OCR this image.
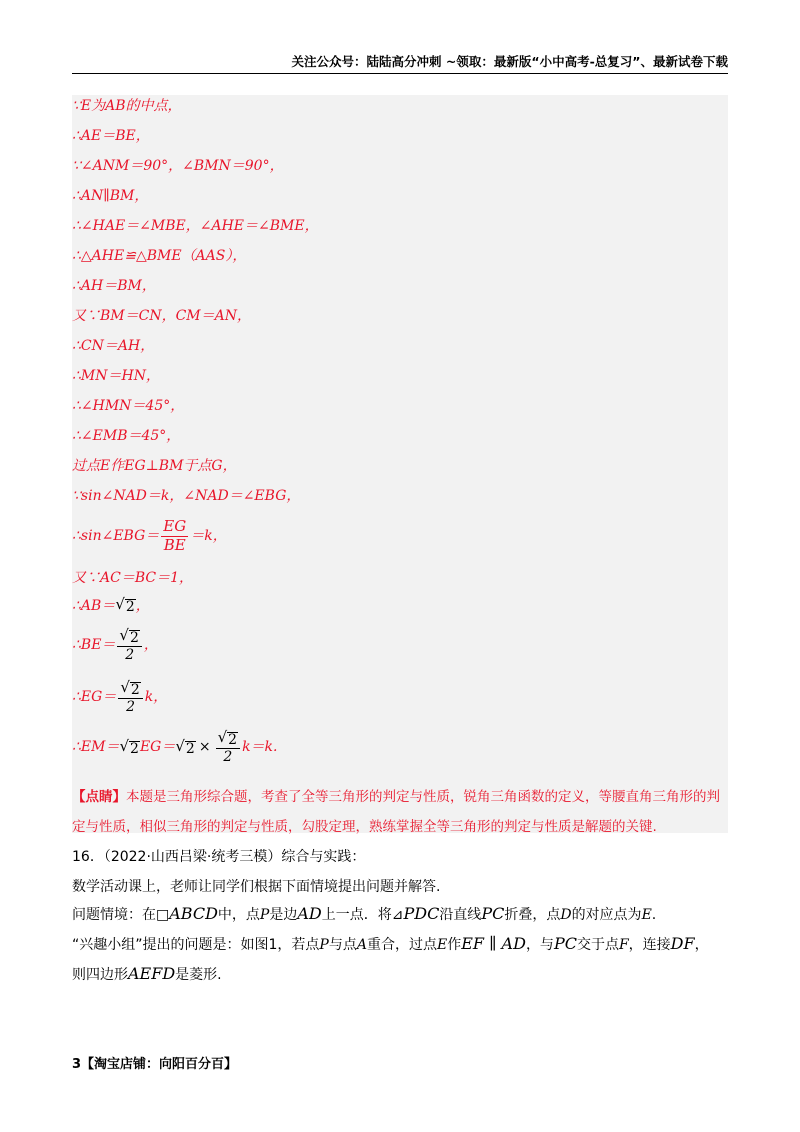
关注公众号：陆陆高分冲刺 ~领取：最新版“小中高考-总复习”、最新试卷下载
∵E为AB的中点，
∴AE＝BE，
∵∠ANM＝90°，∠BMN＝90°，
∴AN∥BM，
∴∠HAE＝∠MBE，∠AHE＝∠BME，
∴△AHE≌△BME（AAS），
∴AH＝BM，
又∵BM＝CN，CM＝AN，
∴CN＝AH，
∴MN＝HN，
∴∠HMN＝45°，
∴∠EMB＝45°，
过点E作EG⊥BM于点G，
∵sin∠NAD＝k，∠NAD＝∠EBG，
∴sin∠EBG＝ $\frac{EG}{BE} =k$，
又∵AC＝BC＝1，
∴AB＝ √ 2 ，
∴BE＝ $\frac{√ 2}{2}$ ，
∴EG＝ $\frac{√ 2}{2}$ k，
∴EM＝ √ 2 EG＝ √ $2 \times \frac{√ 2}{2} k=k$.
【点睛】本题是三角形综合题，考查了全等三角形的判定与性质，锐角三角函数的定义，等腰直角三角形的判定与性质，相似三角形的判定与性质，勾股定理，熟练掌握全等三角形的判定与性质是解题的关键.
16．（2022·山西吕梁·统考三模）综合与实践：
数学活动课上，老师让同学们根据下面情境提出问题并解答.
问题情境：在□ABCD中，点P是边AD上一点．将⊿PDC沿直线PC折叠，点D的对应点为E.
“兴趣小组”提出的问题是：如图1，若点P与点A重合，过点E作EF ∥ AD，与PC交于点F，连接DF，
则四边形AEFD是菱形.
3【淘宝店铺：向阳百分百】
